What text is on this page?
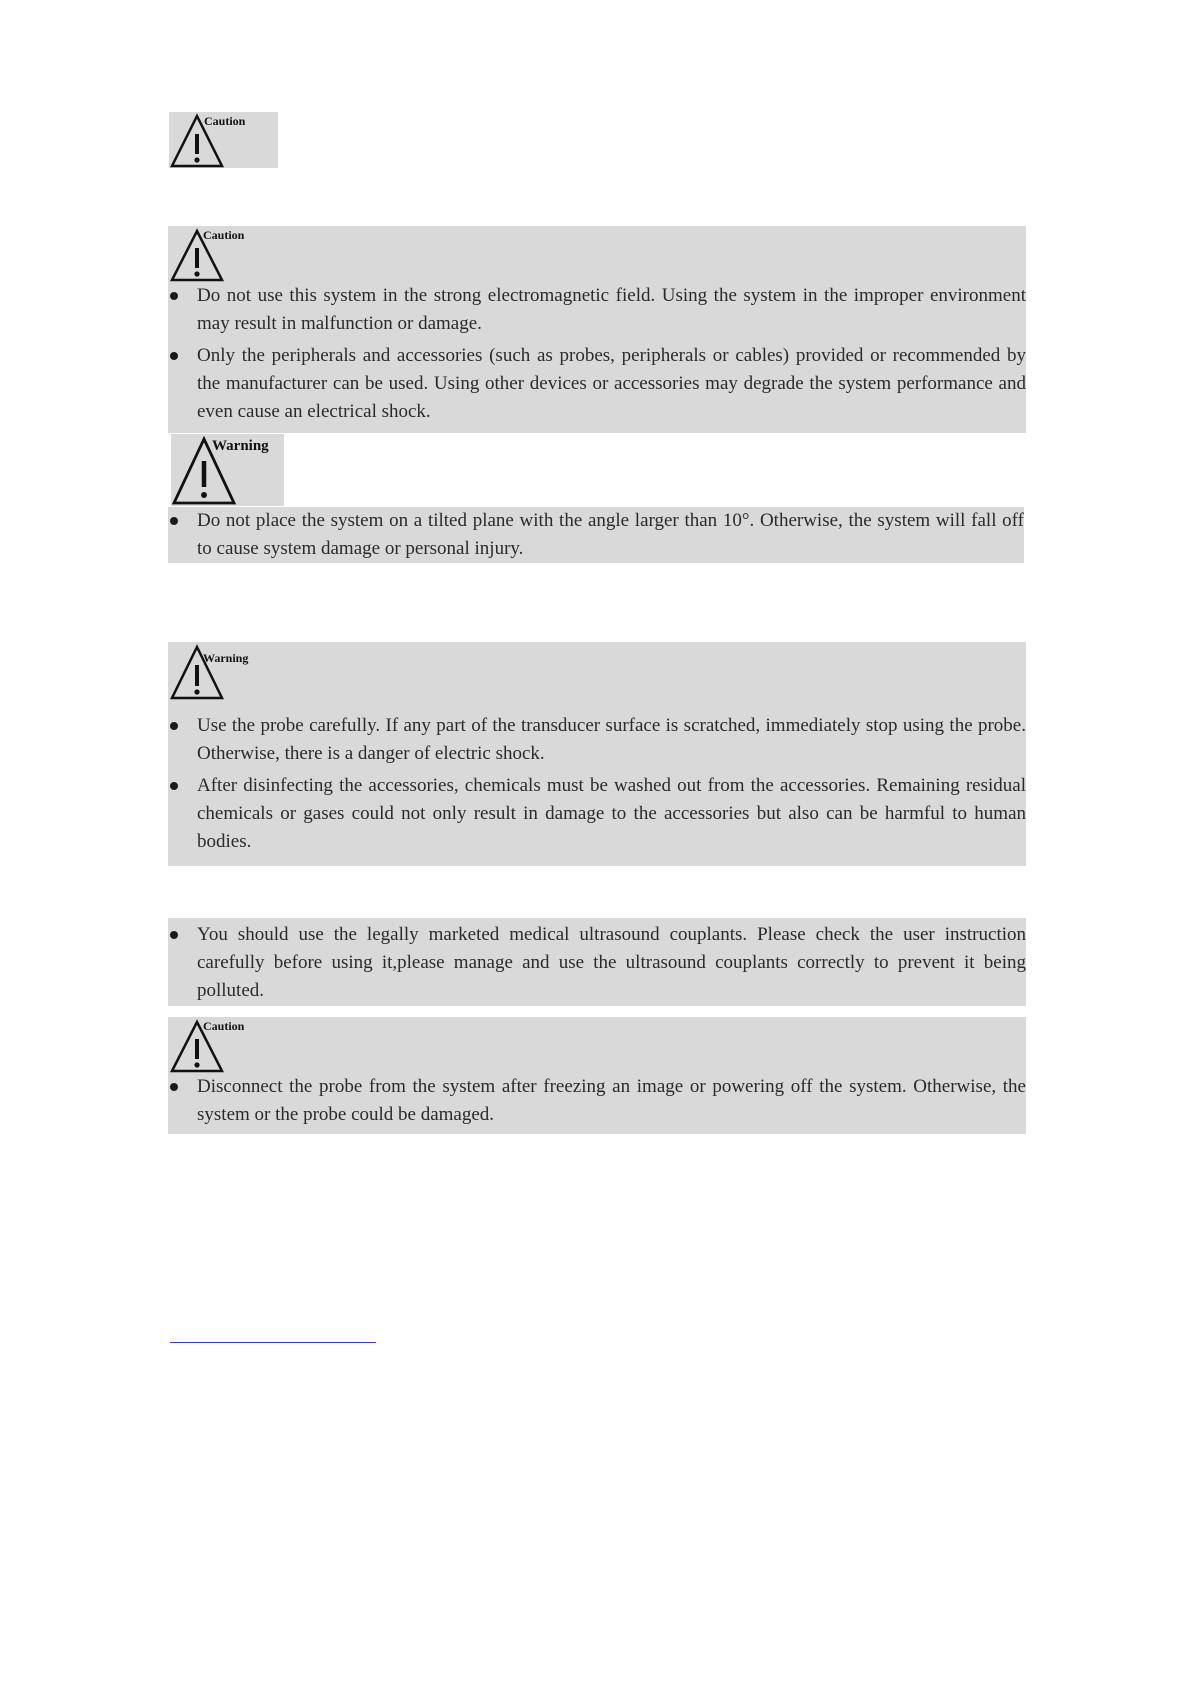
Caution
Caution
Do not use this system in the strong electromagnetic field. Using the system in the improper environment may result in malfunction or damage.
Only the peripherals and accessories (such as probes, peripherals or cables) provided or recommended by the manufacturer can be used. Using other devices or accessories may degrade the system performance and even cause an electrical shock.
Warning
Do not place the system on a tilted plane with the angle larger than 10°. Otherwise, the system will fall off to cause system damage or personal injury.
Warning
Use the probe carefully. If any part of the transducer surface is scratched, immediately stop using the probe. Otherwise, there is a danger of electric shock.
After disinfecting the accessories, chemicals must be washed out from the accessories. Remaining residual chemicals or gases could not only result in damage to the accessories but also can be harmful to human bodies.
You should use the legally marketed medical ultrasound couplants. Please check the user instruction carefully before using it,please manage and use the ultrasound couplants correctly to prevent it being polluted.
Caution
Disconnect the probe from the system after freezing an image or powering off the system. Otherwise, the system or the probe could be damaged.
